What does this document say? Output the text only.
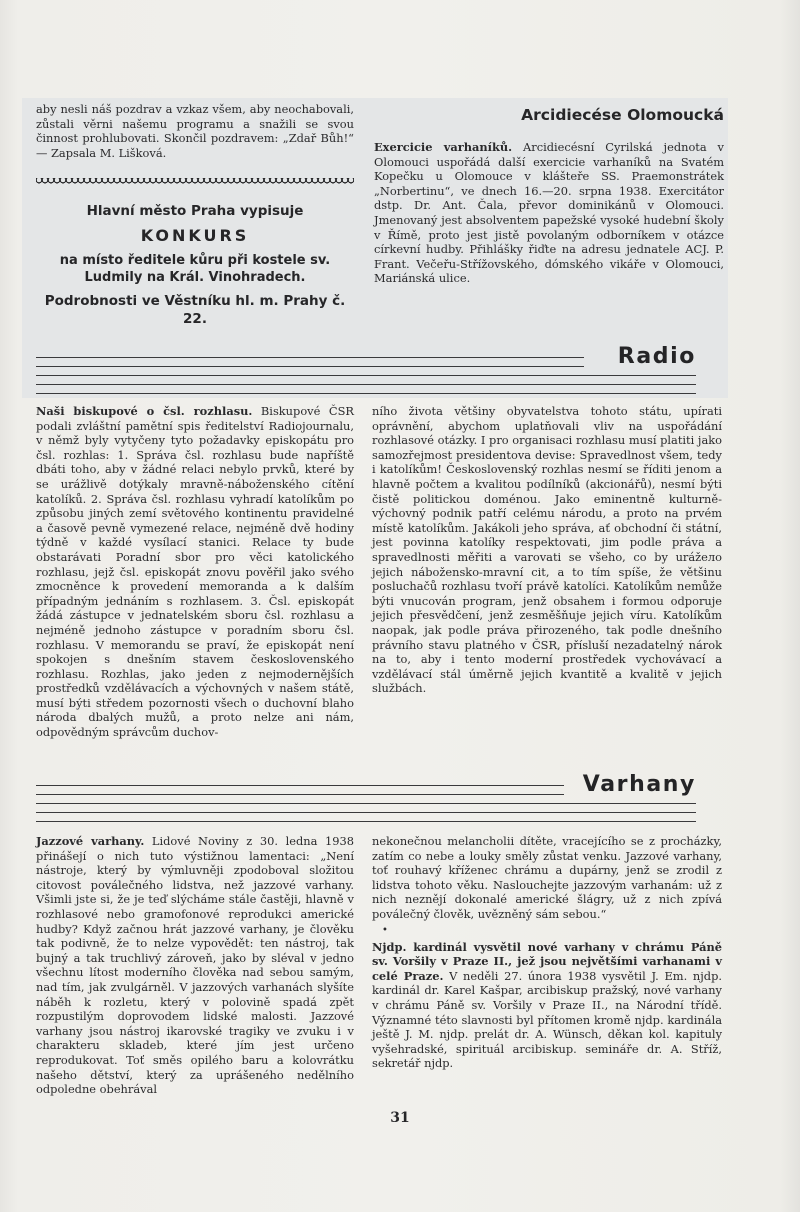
aby nesli náš pozdrav a vzkaz všem, aby neochabovali, zůstali věrni našemu programu a snažili se svou činnost prohlubovati. Skončil pozdravem: „Zdař Bůh!“ — Zapsala M. Lišková.

Hlavní město Praha vypisuje
KONKURS
na místo ředitele kůru při kostele sv. Ludmily na Král. Vinohradech.
Podrobnosti ve Věstníku hl. m. Prahy č. 22.
Arcidiecése Olomoucká

Exercicie varhaníků. Arcidiecésní Cyrilská jednota v Olomouci uspořádá další exercicie varhaníků na Svatém Kopečku u Olomouce v klášteře SS. Praemonstrátek „Norbertinu“, ve dnech 16.—20. srpna 1938. Exercitátor dstp. Dr. Ant. Čala, převor dominikánů v Olomouci. Jmenovaný jest absolventem papežské vysoké hudební školy v Římě, proto jest jistě povolaným odborníkem v otázce církevní hudby. Přihlášky řiďte na adresu jednatele ACJ. P. Frant. Večeřu-Střížovského, dómského vikáře v Olomouci, Mariánská ulice.

Radio

Naši biskupové o čsl. rozhlasu. Biskupové ČSR podali zvláštní pamětní spis ředitelství Radiojournalu, v němž byly vytyčeny tyto požadavky episkopátu pro čsl. rozhlas: 1. Správa čsl. rozhlasu bude napříště dbáti toho, aby v žádné relaci nebylo prvků, které by se urážlivě dotýkaly mravně-náboženského cítění katolíků. 2. Správa čsl. rozhlasu vyhradí katolíkům po způsobu jiných zemí světového kontinentu pravidelné a časově pevně vymezené relace, nejméně dvě hodiny týdně v každé vysílací stanici. Relace ty bude obstarávati Poradní sbor pro věci katolického rozhlasu, jejž čsl. episkopát znovu pověřil jako svého zmocněnce k provedení memoranda a k dalším případným jednáním s rozhlasem. 3. Čsl. episkopát žádá zástupce v jednatelském sboru čsl. rozhlasu a nejméně jednoho zástupce v poradním sboru čsl. rozhlasu. V memorandu se praví, že episkopát není spokojen s dnešním stavem československého rozhlasu. Rozhlas, jako jeden z nejmodernějších prostředků vzdělávacích a výchovných v našem státě, musí býti středem pozornosti všech o duchovní blaho národa dbalých mužů, a proto nelze ani nám, odpovědným správcům duchov-

ního života většiny obyvatelstva tohoto státu, upírati oprávnění, abychom uplatňovali vliv na uspořádání rozhlasové otázky. I pro organisaci rozhlasu musí platiti jako samozřejmost presidentova devise: Spravedlnost všem, tedy i katolíkům! Československý rozhlas nesmí se říditi jenom a hlavně počtem a kvalitou podílníků (akcionářů), nesmí býti čistě politickou doménou. Jako eminentně kulturně-výchovný podnik patří celému národu, a proto na prvém místě katolíkům. Jakákoli jeho správa, ať obchodní či státní, jest povinna katolíky respektovati, jim podle práva a spravedlnosti měřiti a varovati se všeho, co by urážело jejich nábožensko-mravní cit, a to tím spíše, že většinu posluchačů rozhlasu tvoří právě katolíci. Katolíkům nemůže býti vnucován program, jenž obsahem i formou odporuje jejich přesvědčení, jenž zesměšňuje jejich víru. Katolíkům naopak, jak podle práva přirozeného, tak podle dnešního právního stavu platného v ČSR, přísluší nezadatelný nárok na to, aby i tento moderní prostředek vychovávací a vzdělávací stál úměrně jejich kvantitě a kvalitě v jejich službách.

Varhany

Jazzové varhany. Lidové Noviny z 30. ledna 1938 přinášejí o nich tuto výstižnou lamentaci: „Není nástroje, který by výmluvněji zpodoboval složitou citovost poválečného lidstva, než jazzové varhany. Všimli jste si, že je teď slýcháme stále častěji, hlavně v rozhlasové nebo gramofonové reprodukci americké hudby? Když začnou hrát jazzové varhany, je člověku tak podivně, že to nelze vypovědět: ten nástroj, tak bujný a tak truchlivý zároveň, jako by sléval v jedno všechnu lítost moderního člověka nad sebou samým, nad tím, jak zvulgárněl. V jazzových varhanách slyšíte náběh k rozletu, který v polovině spadá zpět rozpustilým doprovodem lidské malosti. Jazzové varhany jsou nástroj ikarovské tragiky ve zvuku i v charakteru skladeb, které jím jest určeno reprodukovat. Toť směs opilého baru a kolovrátku našeho dětství, který za uprášeného nedělního odpoledne obehrával

nekonečnou melancholii dítěte, vracejícího se z procházky, zatím co nebe a louky směly zůstat venku. Jazzové varhany, toť rouhavý kříženec chrámu a dupárny, jenž se zrodil z lidstva tohoto věku. Naslouchejte jazzovým varhanám: už z nich neznějí dokonalé americké šlágry, už z nich zpívá poválečný člověk, uvězněný sám sebou.“

•

Njdp. kardinál vysvětil nové varhany v chrámu Páně sv. Voršily v Praze II., jež jsou největšími varhanami v celé Praze. V neděli 27. února 1938 vysvětil J. Em. njdp. kardinál dr. Karel Kašpar, arcibiskup pražský, nové varhany v chrámu Páně sv. Voršily v Praze II., na Národní třídě. Významné této slavnosti byl přítomen kromě njdp. kardinála ještě J. M. njdp. prelát dr. A. Wünsch, děkan kol. kapituly vyšehradské, spirituál arcibiskup. semináře dr. A. Stříž, sekretář njdp.

31
